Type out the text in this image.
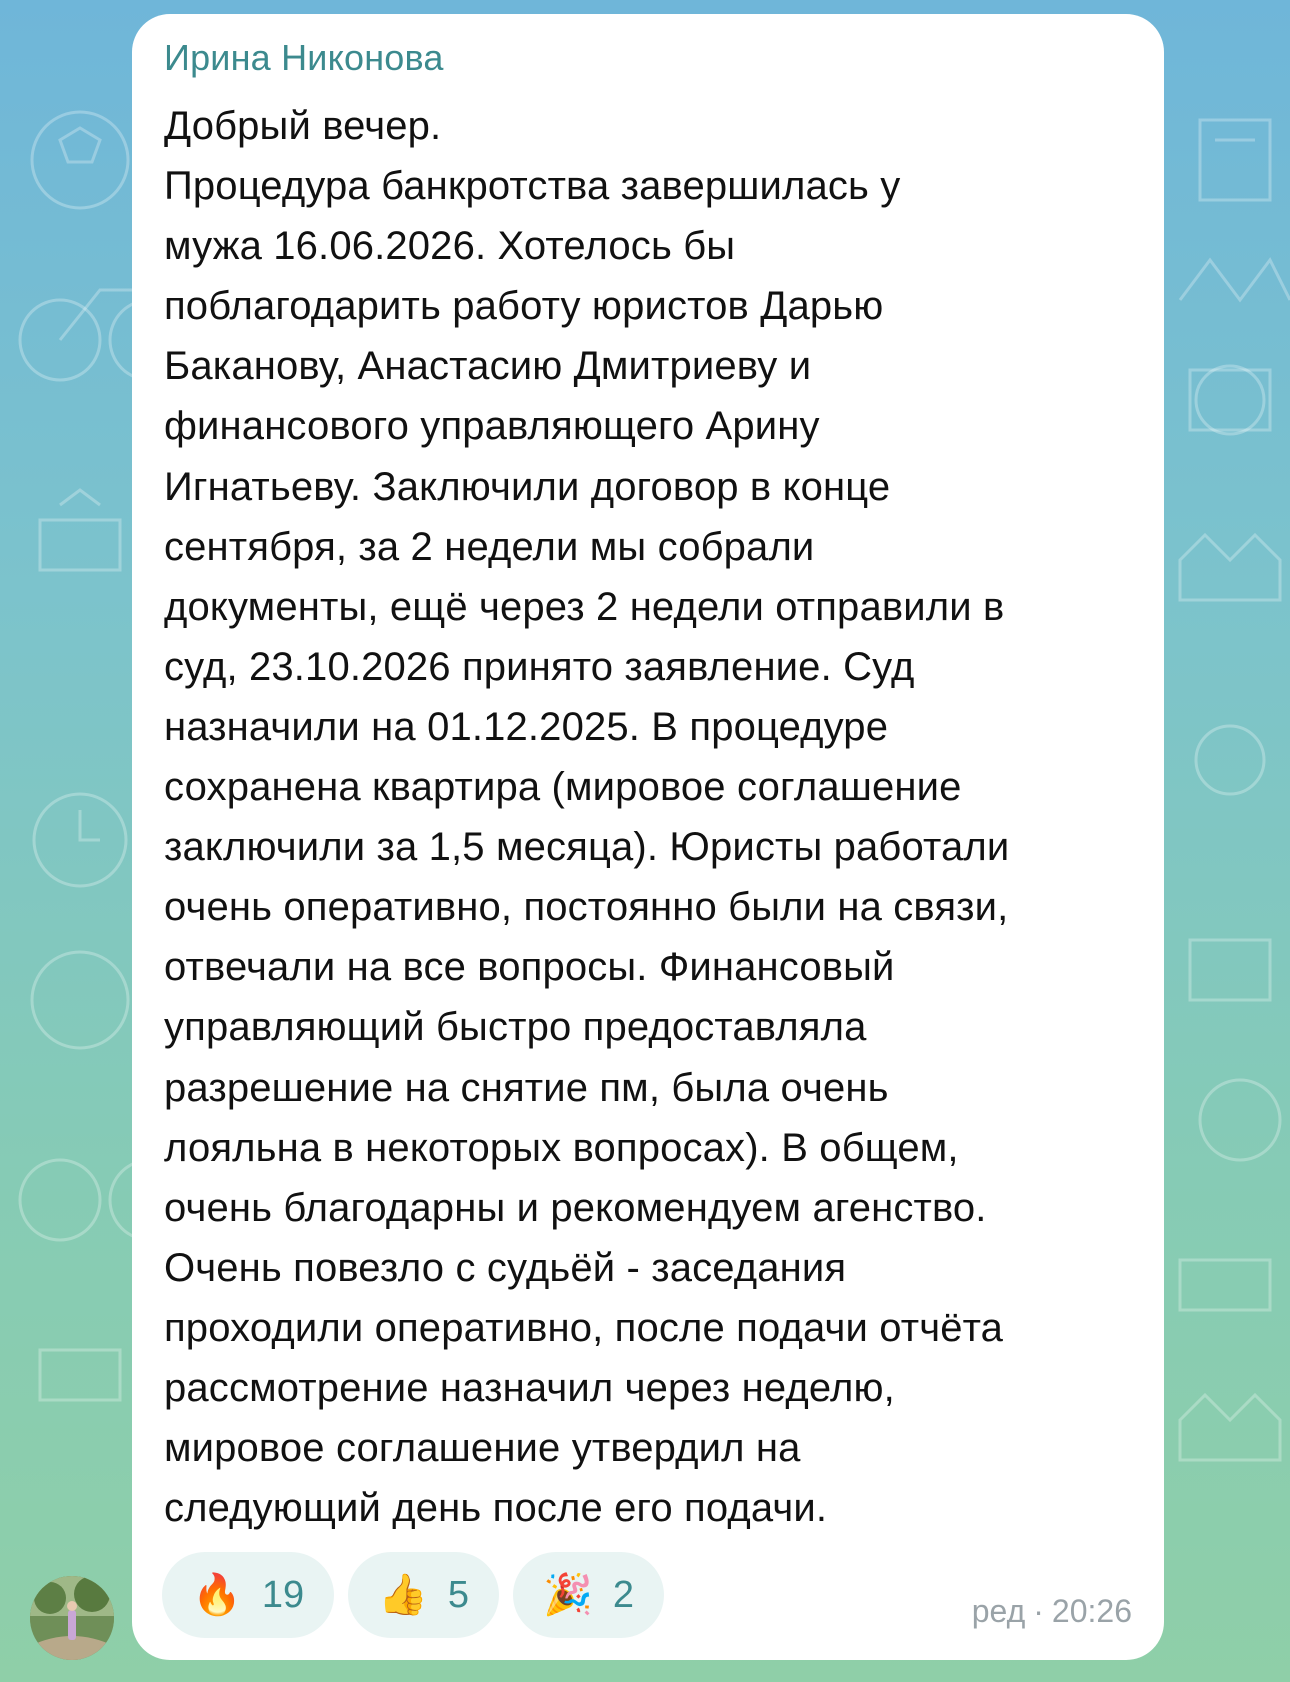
Ирина Никонова
Добрый вечер.
Процедура банкротства завершилась у
мужа 16.06.2026. Хотелось бы
поблагодарить работу юристов Дарью
Баканову, Анастасию Дмитриеву и
финансового управляющего Арину
Игнатьеву. Заключили договор в конце
сентября, за 2 недели мы собрали
документы, ещё через 2 недели отправили в
суд, 23.10.2026 принято заявление. Суд
назначили на 01.12.2025. В процедуре
сохранена квартира (мировое соглашение
заключили за 1,5 месяца). Юристы работали
очень оперативно, постоянно были на связи,
отвечали на все вопросы. Финансовый
управляющий быстро предоставляла
разрешение на снятие пм, была очень
лояльна в некоторых вопросах). В общем,
очень благодарны и рекомендуем агенство.
Очень повезло с судьёй - заседания
проходили оперативно, после подачи отчёта
рассмотрение назначил через неделю,
мировое соглашение утвердил на
следующий день после его подачи.
🔥 19 👍 5 🎉 2	ред · 20:26
